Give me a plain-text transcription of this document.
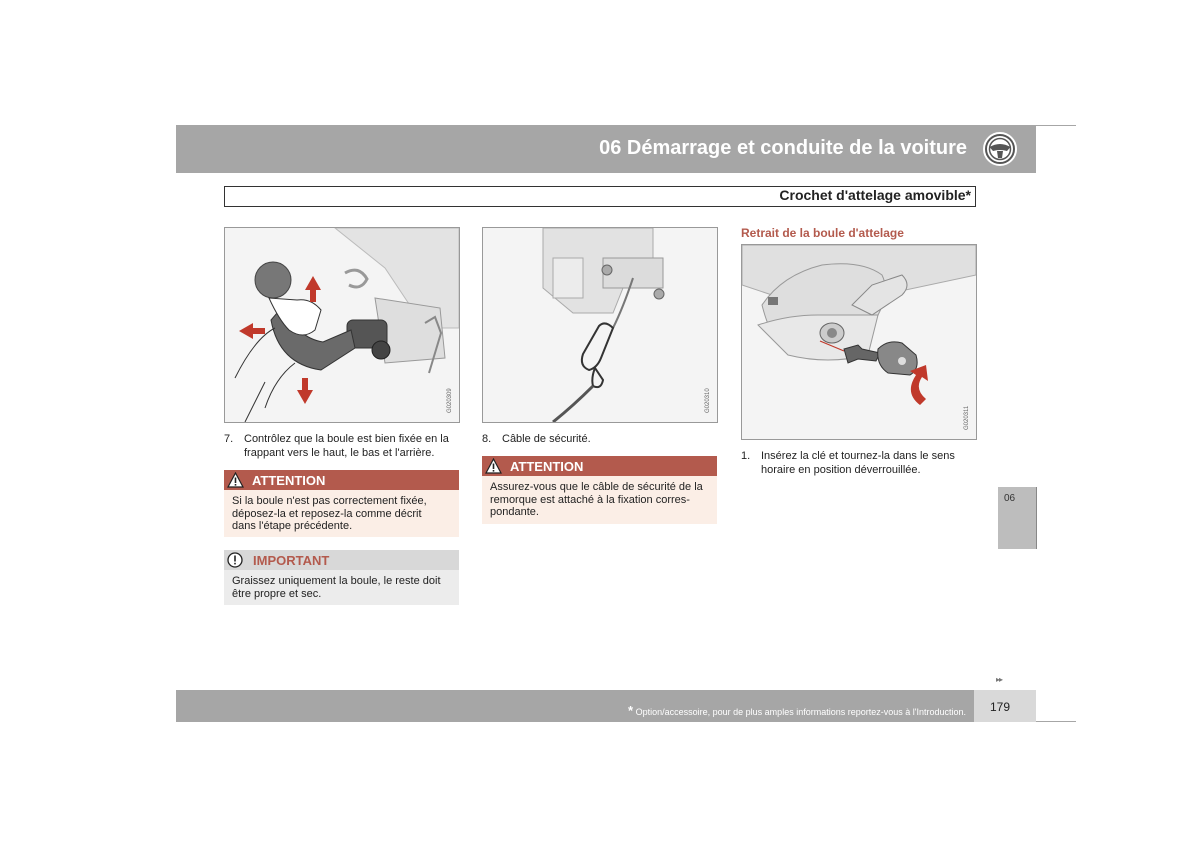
06 Démarrage et conduite de la voiture
Crochet d'attelage amovible*
G020309
7. Contrôlez que la boule est bien fixée en la
frappant vers le haut, le bas et l'arrière.
ATTENTION
Si la boule n'est pas correctement fixée,
déposez-la et reposez-la comme décrit
dans l'étape précédente.
IMPORTANT
Graissez uniquement la boule, le reste doit
être propre et sec.
G020310
8. Câble de sécurité.
ATTENTION
Assurez-vous que le câble de sécurité de la
remorque est attaché à la fixation corres-
pondante.
Retrait de la boule d'attelage
G020311
1. Insérez la clé et tournez-la dans le sens
horaire en position déverrouillée.
06
▸▸
* Option/accessoire, pour de plus amples informations reportez-vous à l'Introduction. 179
